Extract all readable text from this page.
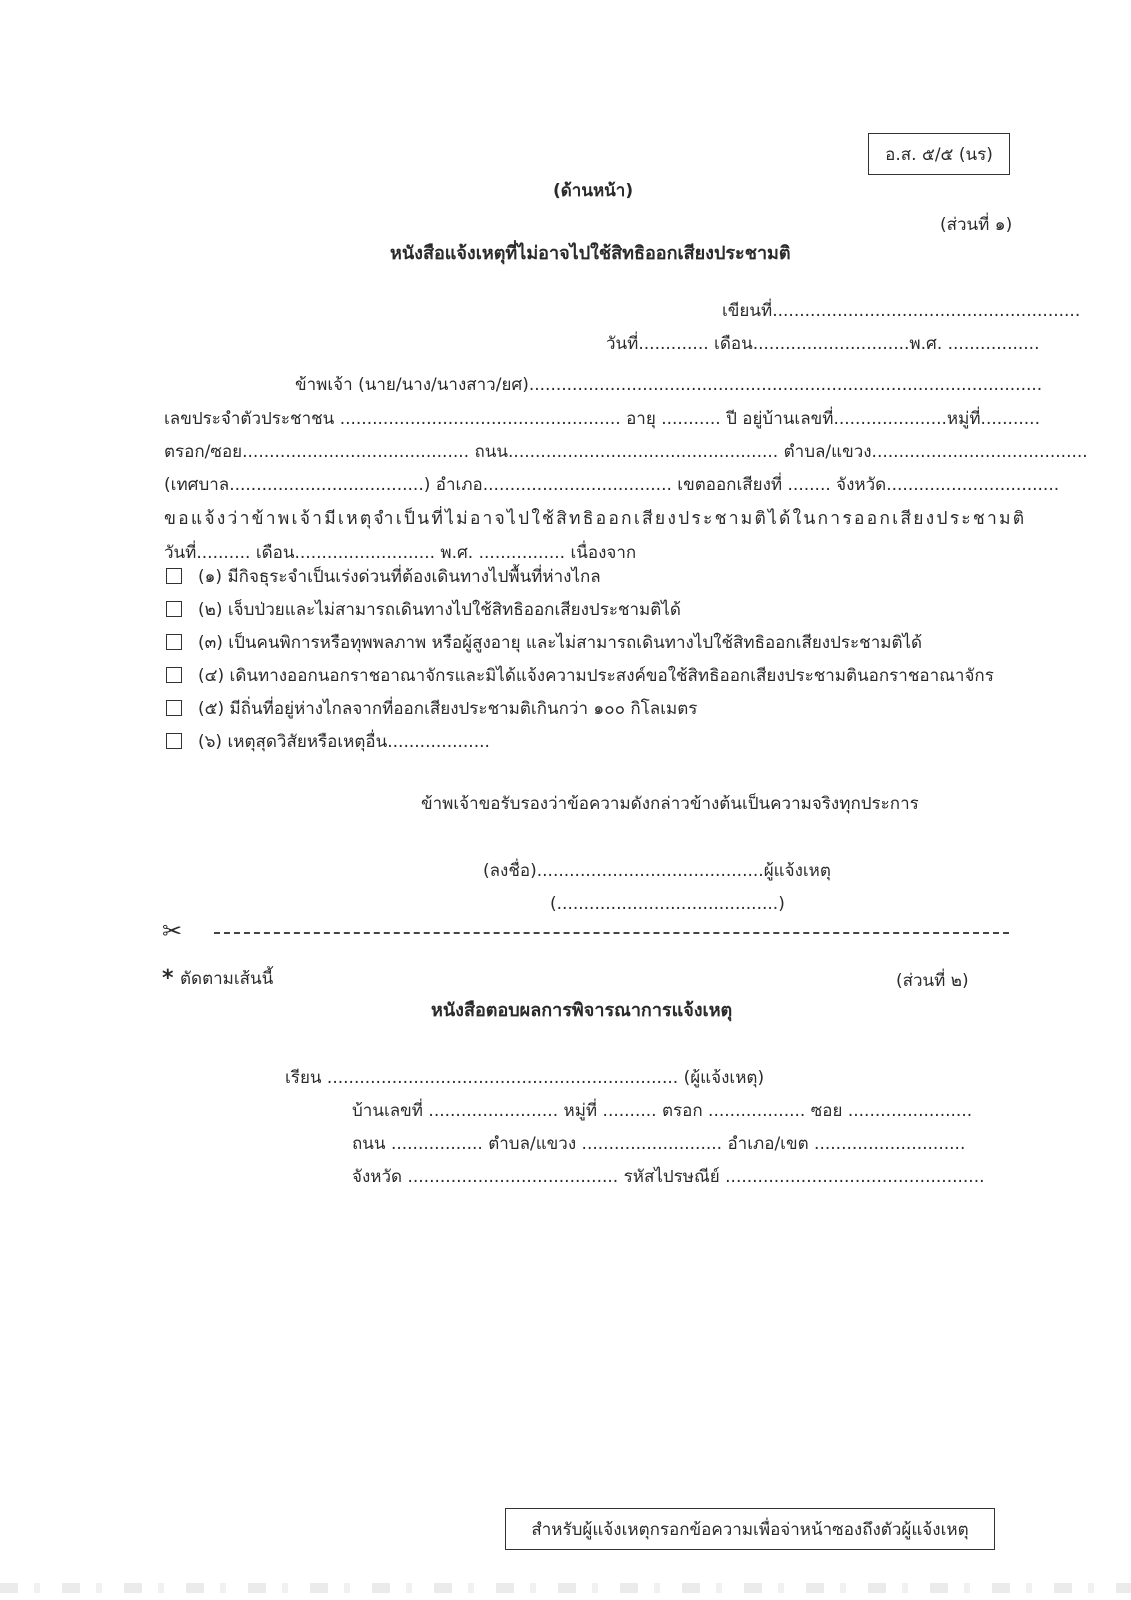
อ.ส. ๕/๕ (นร)
(ด้านหน้า)
(ส่วนที่ ๑)
หนังสือแจ้งเหตุที่ไม่อาจไปใช้สิทธิออกเสียงประชามติ
เขียนที่.........................................................
วันที่............. เดือน.............................พ.ศ. .................
ข้าพเจ้า (นาย/นาง/นางสาว/ยศ)...............................................................................................
เลขประจำตัวประชาชน .................................................... อายุ ........... ปี อยู่บ้านเลขที่.....................หมู่ที่...........
ตรอก/ซอย.......................................... ถนน.................................................. ตำบล/แขวง........................................
(เทศบาล....................................) อำเภอ................................... เขตออกเสียงที่ ........ จังหวัด................................
ขอแจ้งว่าข้าพเจ้ามีเหตุจำเป็นที่ไม่อาจไปใช้สิทธิออกเสียงประชามติได้ในการออกเสียงประชามติ
วันที่.......... เดือน.......................... พ.ศ. ................ เนื่องจาก
(๑) มีกิจธุระจำเป็นเร่งด่วนที่ต้องเดินทางไปพื้นที่ห่างไกล
(๒) เจ็บป่วยและไม่สามารถเดินทางไปใช้สิทธิออกเสียงประชามติได้
(๓) เป็นคนพิการหรือทุพพลภาพ หรือผู้สูงอายุ และไม่สามารถเดินทางไปใช้สิทธิออกเสียงประชามติได้
(๔) เดินทางออกนอกราชอาณาจักรและมิได้แจ้งความประสงค์ขอใช้สิทธิออกเสียงประชามตินอกราชอาณาจักร
(๕) มีถิ่นที่อยู่ห่างไกลจากที่ออกเสียงประชามติเกินกว่า ๑๐๐ กิโลเมตร
(๖) เหตุสุดวิสัยหรือเหตุอื่น...................
ข้าพเจ้าขอรับรองว่าข้อความดังกล่าวข้างต้นเป็นความจริงทุกประการ
(ลงชื่อ)..........................................ผู้แจ้งเหตุ
(.........................................)
✂
* ตัดตามเส้นนี้	(ส่วนที่ ๒)
หนังสือตอบผลการพิจารณาการแจ้งเหตุ
เรียน ................................................................. (ผู้แจ้งเหตุ)
บ้านเลขที่ ........................ หมู่ที่ .......... ตรอก .................. ซอย .......................
ถนน ................. ตำบล/แขวง .......................... อำเภอ/เขต ............................
จังหวัด ....................................... รหัสไปรษณีย์ ................................................
สำหรับผู้แจ้งเหตุกรอกข้อความเพื่อจ่าหน้าซองถึงตัวผู้แจ้งเหตุ
